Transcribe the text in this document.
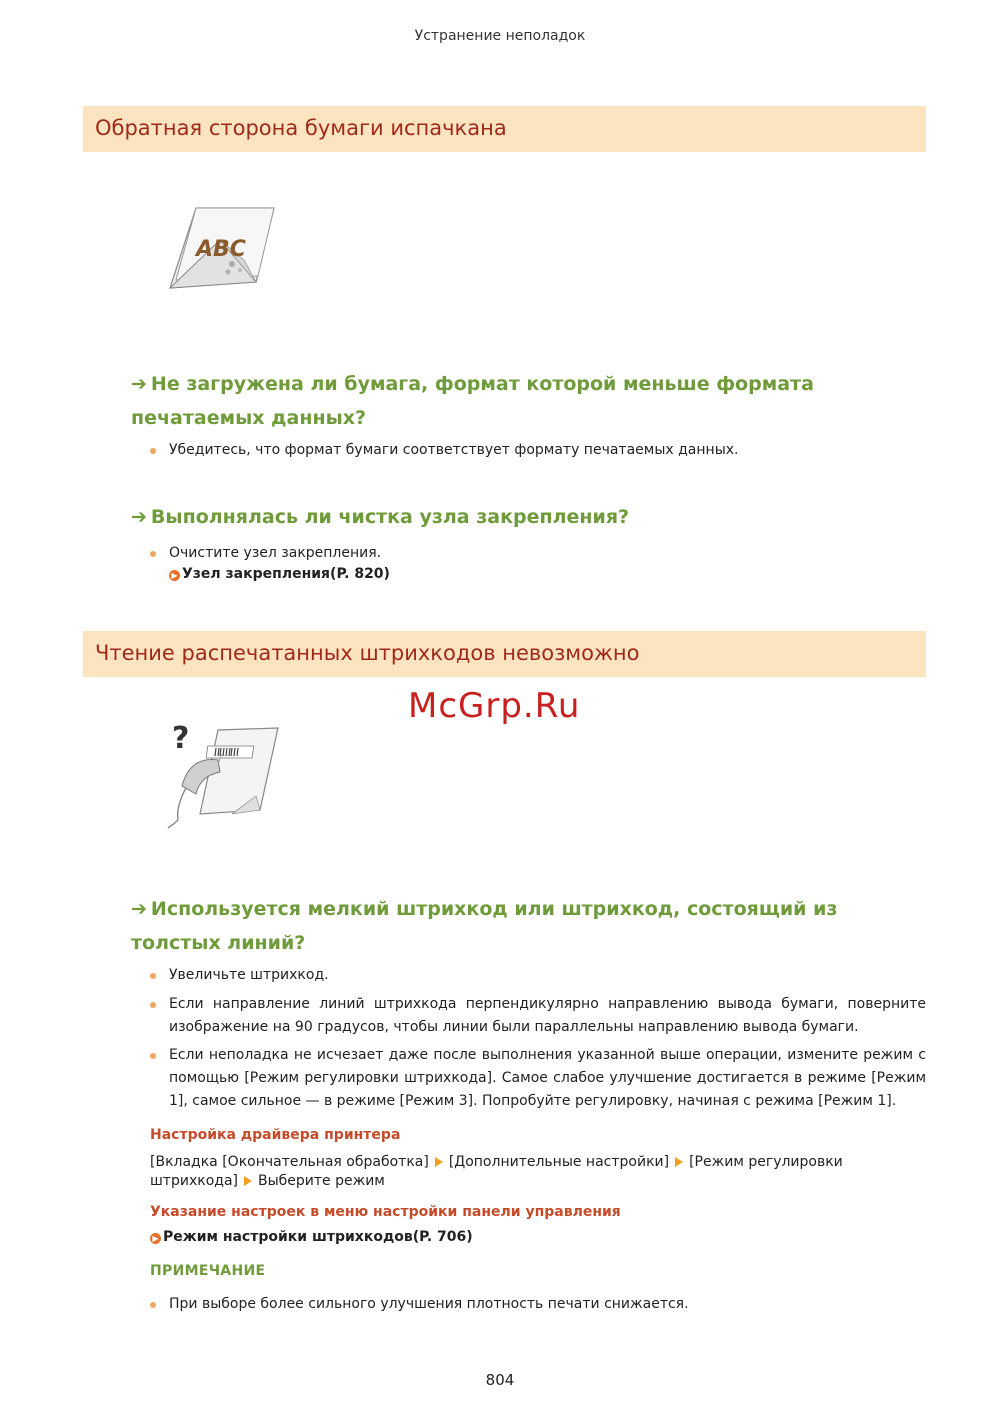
Устранение неполадок
Обратная сторона бумаги испачкана
ABC
➔ Не загружена ли бумага, формат которой меньше формата печатаемых данных?
Убедитесь, что формат бумаги соответствует формату печатаемых данных.
➔ Выполнялась ли чистка узла закрепления?
Очистите узел закрепления.
▶ Узел закрепления(P. 820)
Чтение распечатанных штрихкодов невозможно
McGrp.Ru
?
➔ Используется мелкий штрихкод или штрихкод, состоящий из толстых линий?
Увеличьте штрихкод.
Если направление линий штрихкода перпендикулярно направлению вывода бумаги, поверните изображение на 90 градусов, чтобы линии были параллельны направлению вывода бумаги.
Если неполадка не исчезает даже после выполнения указанной выше операции, измените режим с помощью [Режим регулировки штрихкода]. Самое слабое улучшение достигается в режиме [Режим 1], самое сильное — в режиме [Режим 3]. Попробуйте регулировку, начиная с режима [Режим 1].
Настройка драйвера принтера
[Вкладка [Окончательная обработка] [Дополнительные настройки] [Режим регулировки штрихкода] Выберите режим
Указание настроек в меню настройки панели управления
▶ Режим настройки штрихкодов(P. 706)
ПРИМЕЧАНИЕ
При выборе более сильного улучшения плотность печати снижается.
804
